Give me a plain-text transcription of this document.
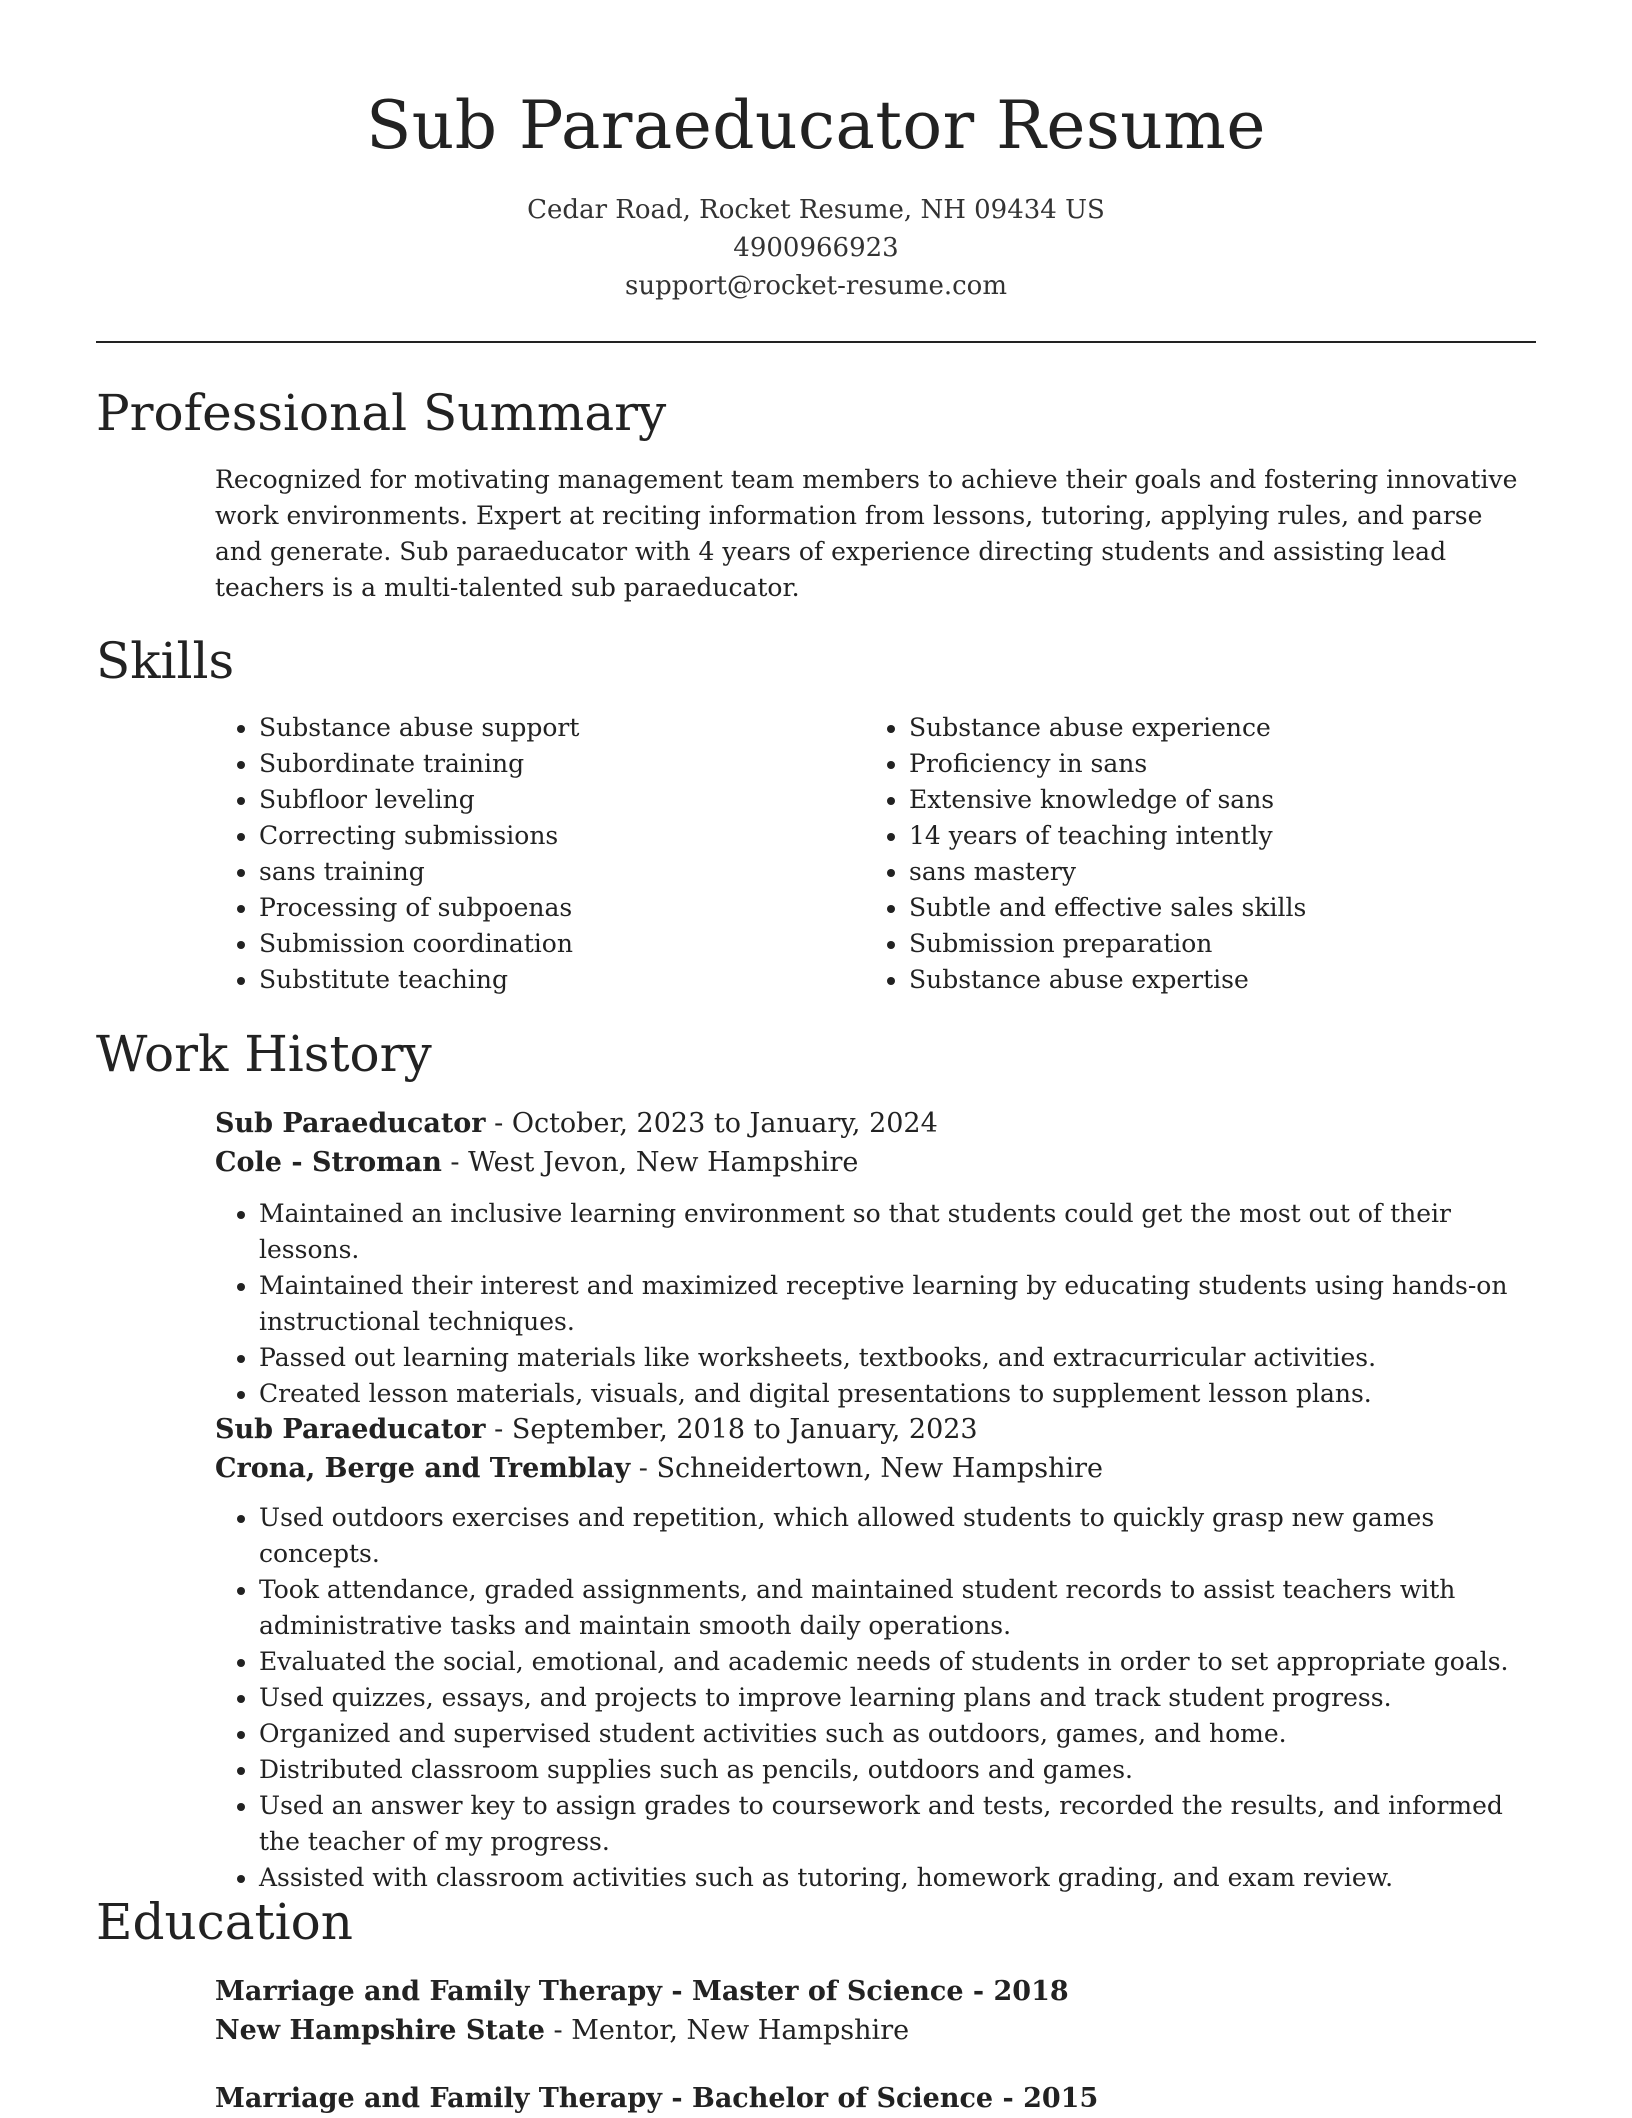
Sub Paraeducator Resume
Cedar Road, Rocket Resume, NH 09434 US
4900966923
support@rocket-resume.com
Professional Summary

Recognized for motivating management team members to achieve their goals and fostering innovative work environments. Expert at reciting information from lessons, tutoring, applying rules, and parse and generate. Sub paraeducator with 4 years of experience directing students and assisting lead teachers is a multi-talented sub paraeducator.

Skills
• Substance abuse support
• Subordinate training
• Subfloor leveling
• Correcting submissions
• sans training
• Processing of subpoenas
• Submission coordination
• Substitute teaching
• Substance abuse experience
• Proficiency in sans
• Extensive knowledge of sans
• 14 years of teaching intently
• sans mastery
• Subtle and effective sales skills
• Submission preparation
• Substance abuse expertise
Work History
Sub Paraeducator - October, 2023 to January, 2024
Cole - Stroman - West Jevon, New Hampshire
• Maintained an inclusive learning environment so that students could get the most out of their lessons.
• Maintained their interest and maximized receptive learning by educating students using hands-on instructional techniques.
• Passed out learning materials like worksheets, textbooks, and extracurricular activities.
• Created lesson materials, visuals, and digital presentations to supplement lesson plans.
Sub Paraeducator - September, 2018 to January, 2023
Crona, Berge and Tremblay - Schneidertown, New Hampshire
• Used outdoors exercises and repetition, which allowed students to quickly grasp new games concepts.
• Took attendance, graded assignments, and maintained student records to assist teachers with administrative tasks and maintain smooth daily operations.
• Evaluated the social, emotional, and academic needs of students in order to set appropriate goals.
• Used quizzes, essays, and projects to improve learning plans and track student progress.
• Organized and supervised student activities such as outdoors, games, and home.
• Distributed classroom supplies such as pencils, outdoors and games.
• Used an answer key to assign grades to coursework and tests, recorded the results, and informed the teacher of my progress.
• Assisted with classroom activities such as tutoring, homework grading, and exam review.
Education
Marriage and Family Therapy - Master of Science - 2018
New Hampshire State - Mentor, New Hampshire
Marriage and Family Therapy - Bachelor of Science - 2015
